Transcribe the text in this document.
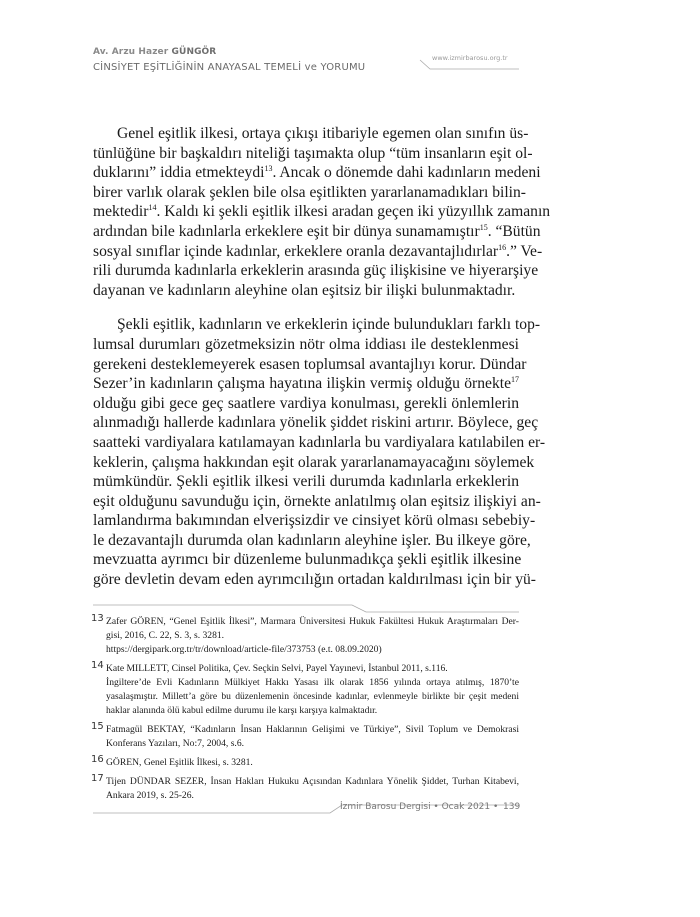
Av. Arzu Hazer GÜNGÖR
CİNSİYET EŞİTLİĞİNİN ANAYASAL TEMELİ ve YORUMU
www.izmirbarosu.org.tr
Genel eşitlik ilkesi, ortaya çıkışı itibariyle egemen olan sınıfın üs-
tünlüğüne bir başkaldırı niteliği taşımakta olup “tüm insanların eşit ol-
duklarını” iddia etmekteydi$^{13}$. Ancak o dönemde dahi kadınların medeni
birer varlık olarak şeklen bile olsa eşitlikten yararlanamadıkları bilin-
mektedir$^{14}$. Kaldı ki şekli eşitlik ilkesi aradan geçen iki yüzyıllık zamanın
ardından bile kadınlarla erkeklere eşit bir dünya sunamamıştır$^{15}$. “Bütün
sosyal sınıflar içinde kadınlar, erkeklere oranla dezavantajlıdırlar$^{16}$.” Ve-
rili durumda kadınlarla erkeklerin arasında güç ilişkisine ve hiyerarşiye
dayanan ve kadınların aleyhine olan eşitsiz bir ilişki bulunmaktadır.
Şekli eşitlik, kadınların ve erkeklerin içinde bulundukları farklı top-
lumsal durumları gözetmeksizin nötr olma iddiası ile desteklenmesi
gerekeni desteklemeyerek esasen toplumsal avantajlıyı korur. Dündar
Sezer’in kadınların çalışma hayatına ilişkin vermiş olduğu örnekte$^{17}$
olduğu gibi gece geç saatlere vardiya konulması, gerekli önlemlerin
alınmadığı hallerde kadınlara yönelik şiddet riskini artırır. Böylece, geç
saatteki vardiyalara katılamayan kadınlarla bu vardiyalara katılabilen er-
keklerin, çalışma hakkından eşit olarak yararlanamayacağını söylemek
mümkündür. Şekli eşitlik ilkesi verili durumda kadınlarla erkeklerin
eşit olduğunu savunduğu için, örnekte anlatılmış olan eşitsiz ilişkiyi an-
lamlandırma bakımından elverişsizdir ve cinsiyet körü olması sebebiy-
le dezavantajlı durumda olan kadınların aleyhine işler. Bu ilkeye göre,
mevzuatta ayrımcı bir düzenleme bulunmadıkça şekli eşitlik ilkesine
göre devletin devam eden ayrımcılığın ortadan kaldırılması için bir yü-
13 Zafer GÖREN, “Genel Eşitlik İlkesi”, Marmara Üniversitesi Hukuk Fakültesi Hukuk Araştırmaları Der-
gisi, 2016, C. 22, S. 3, s. 3281.
https://dergipark.org.tr/tr/download/article-file/373753 (e.t. 08.09.2020)
14 Kate MILLETT, Cinsel Politika, Çev. Seçkin Selvi, Payel Yayınevi, İstanbul 2011, s.116.
İngiltere’de Evli Kadınların Mülkiyet Hakkı Yasası ilk olarak 1856 yılında ortaya atılmış, 1870’te
yasalaşmıştır. Millett’a göre bu düzenlemenin öncesinde kadınlar, evlenmeyle birlikte bir çeşit medeni
haklar alanında ölü kabul edilme durumu ile karşı karşıya kalmaktadır.
15 Fatmagül BEKTAY, “Kadınların İnsan Haklarının Gelişimi ve Türkiye”, Sivil Toplum ve Demokrasi
Konferans Yazıları, No:7, 2004, s.6.
16 GÖREN, Genel Eşitlik İlkesi, s. 3281.
17 Tijen DÜNDAR SEZER, İnsan Hakları Hukuku Açısından Kadınlara Yönelik Şiddet, Turhan Kitabevi,
Ankara 2019, s. 25-26.
İzmir Barosu Dergisi • Ocak 2021 • 139
